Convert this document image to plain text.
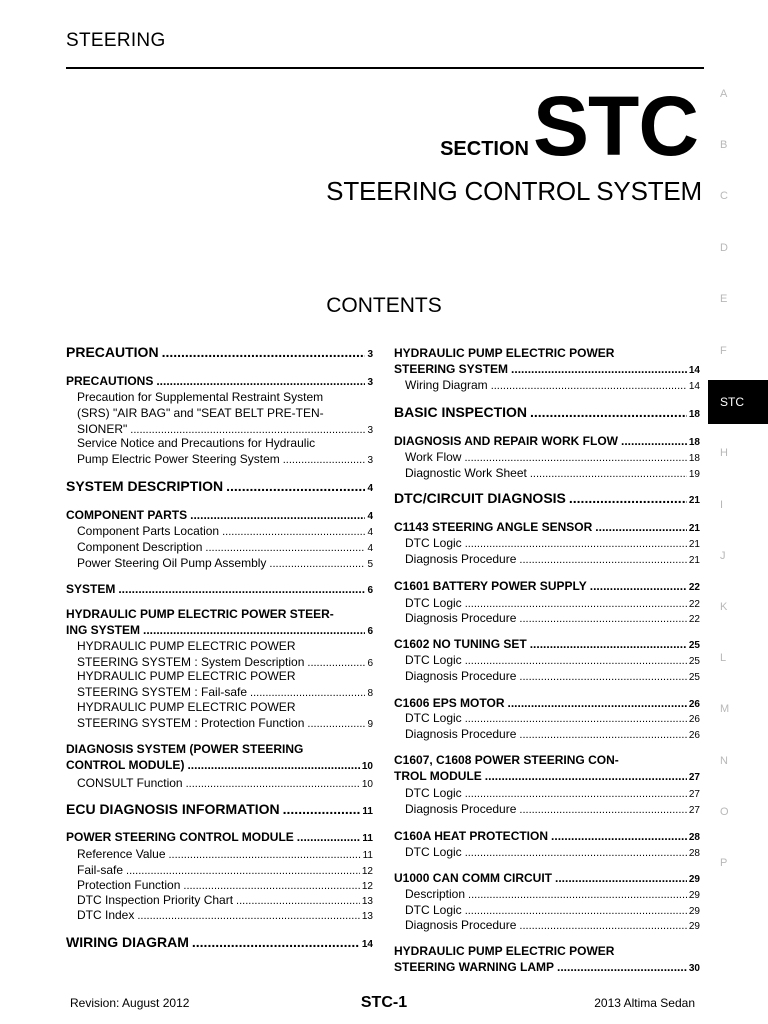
STEERING
SECTIONSTC
STEERING CONTROL SYSTEM
CONTENTS
PRECAUTION .....	3
PRECAUTIONS .....	3
Precaution for Supplemental Restraint System
(SRS) "AIR BAG" and "SEAT BELT PRE-TEN-
SIONER" .....	3
Service Notice and Precautions for Hydraulic
Pump Electric Power Steering System .....	3
SYSTEM DESCRIPTION .....	4
COMPONENT PARTS .....	4
Component Parts Location .....	4
Component Description .....	4
Power Steering Oil Pump Assembly .....	5
SYSTEM .....	6
HYDRAULIC PUMP ELECTRIC POWER STEER-
ING SYSTEM .....	6
HYDRAULIC PUMP ELECTRIC POWER
STEERING SYSTEM : System Description .....	6
HYDRAULIC PUMP ELECTRIC POWER
STEERING SYSTEM : Fail-safe .....	8
HYDRAULIC PUMP ELECTRIC POWER
STEERING SYSTEM : Protection Function .....	9
DIAGNOSIS SYSTEM (POWER STEERING
CONTROL MODULE) .....	10
CONSULT Function .....	10
ECU DIAGNOSIS INFORMATION .....	11
POWER STEERING CONTROL MODULE .....	11
Reference Value .....	11
Fail-safe .....	12
Protection Function .....	12
DTC Inspection Priority Chart .....	13
DTC Index .....	13
WIRING DIAGRAM .....	14
HYDRAULIC PUMP ELECTRIC POWER
STEERING SYSTEM .....	14
Wiring Diagram .....	14
BASIC INSPECTION .....	18
DIAGNOSIS AND REPAIR WORK FLOW .....	18
Work Flow .....	18
Diagnostic Work Sheet .....	19
DTC/CIRCUIT DIAGNOSIS .....	21
C1143 STEERING ANGLE SENSOR .....	21
DTC Logic .....	21
Diagnosis Procedure .....	21
C1601 BATTERY POWER SUPPLY .....	22
DTC Logic .....	22
Diagnosis Procedure .....	22
C1602 NO TUNING SET .....	25
DTC Logic .....	25
Diagnosis Procedure .....	25
C1606 EPS MOTOR .....	26
DTC Logic .....	26
Diagnosis Procedure .....	26
C1607, C1608 POWER STEERING CON-
TROL MODULE .....	27
DTC Logic .....	27
Diagnosis Procedure .....	27
C160A HEAT PROTECTION .....	28
DTC Logic .....	28
U1000 CAN COMM CIRCUIT .....	29
Description .....	29
DTC Logic .....	29
Diagnosis Procedure .....	29
HYDRAULIC PUMP ELECTRIC POWER
STEERING WARNING LAMP .....	30
A
B
C
D
E
F
STC
H
I
J
K
L
M
N
O
P
Revision: August 2012	STC-1	2013 Altima Sedan
